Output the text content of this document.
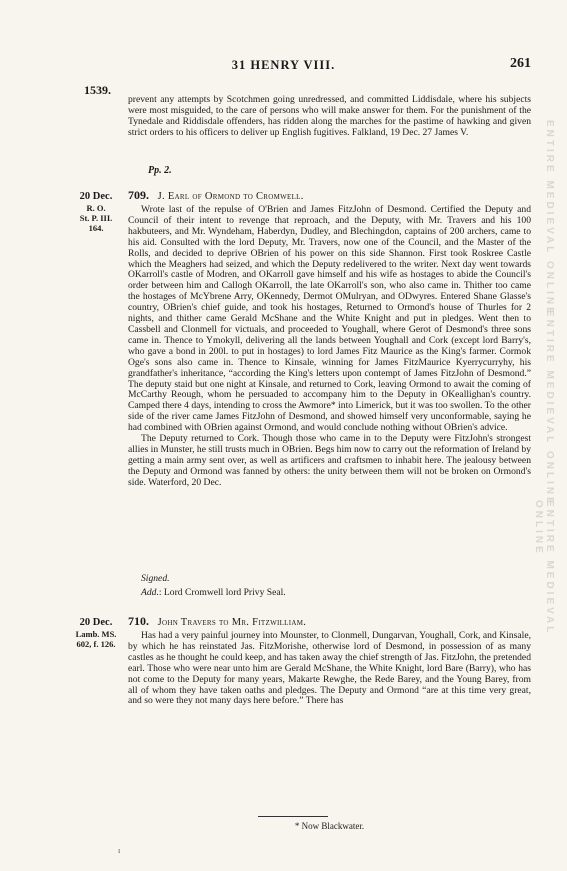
31 HENRY VIII.	261
1539.

prevent any attempts by Scotchmen going unredressed, and committed Liddisdale, where his subjects were most misguided, to the care of persons who will make answer for them. For the punishment of the Tynedale and Riddisdale offenders, has ridden along the marches for the pastime of hawking and given strict orders to his officers to deliver up English fugitives. Falkland, 19 Dec. 27 James V.

Pp. 2.
20 Dec.
R. O.
St. P. III.
164.
709. J. Earl of Ormond to Cromwell.

Wrote last of the repulse of O'Brien and James FitzJohn of Desmond. Certified the Deputy and Council of their intent to revenge that reproach, and the Deputy, with Mr. Travers and his 100 hakbuteers, and Mr. Wyndeham, Haberdyn, Dudley, and Blechingdon, captains of 200 archers, came to his aid. Consulted with the lord Deputy, Mr. Travers, now one of the Council, and the Master of the Rolls, and decided to deprive OBrien of his power on this side Shannon. First took Roskree Castle which the Meaghers had seized, and which the Deputy redelivered to the writer. Next day went towards OKarroll's castle of Modren, and OKarroll gave himself and his wife as hostages to abide the Council's order between him and Callogh OKarroll, the late OKarroll's son, who also came in. Thither too came the hostages of McYbrene Arry, OKennedy, Dermot OMulryan, and ODwyres. Entered Shane Glasse's country, OBrien's chief guide, and took his hostages, Returned to Ormond's house of Thurles for 2 nights, and thither came Gerald McShane and the White Knight and put in pledges. Went then to Cassbell and Clonmell for victuals, and proceeded to Youghall, where Gerot of Desmond's three sons came in. Thence to Ymokyll, delivering all the lands between Youghall and Cork (except lord Barry's, who gave a bond in 200l. to put in hostages) to lord James Fitz Maurice as the King's farmer. Cormok Oge's sons also came in. Thence to Kinsale, winning for James FitzMaurice Kyerrycurryhy, his grandfather's inheritance, “according the King's letters upon contempt of James FitzJohn of Desmond.” The deputy staid but one night at Kinsale, and returned to Cork, leaving Ormond to await the coming of McCarthy Reough, whom he persuaded to accompany him to the Deputy in OKeallighan's country. Camped there 4 days, intending to cross the Awmore* into Limerick, but it was too swollen. To the other side of the river came James FitzJohn of Desmond, and showed himself very unconformable, saying he had combined with OBrien against Ormond, and would conclude nothing without OBrien's advice.

The Deputy returned to Cork. Though those who came in to the Deputy were FitzJohn's strongest allies in Munster, he still trusts much in OBrien. Begs him now to carry out the reformation of Ireland by getting a main army sent over, as well as artificers and craftsmen to inhabit here. The jealousy between the Deputy and Ormond was fanned by others: the unity between them will not be broken on Ormond's side. Waterford, 20 Dec.

Signed.
Add.: Lord Cromwell lord Privy Seal.
20 Dec.
Lamb. MS.
602, f. 126.
710. John Travers to Mr. Fitzwilliam.

Has had a very painful journey into Mounster, to Clonmell, Dungarvan, Youghall, Cork, and Kinsale, by which he has reinstated Jas. FitzMorishe, otherwise lord of Desmond, in possession of as many castles as he thought he could keep, and has taken away the chief strength of Jas. FitzJohn, the pretended earl. Those who were near unto him are Gerald McShane, the White Knight, lord Bare (Barry), who has not come to the Deputy for many years, Makarte Rewghe, the Rede Barey, and the Young Barey, from all of whom they have taken oaths and pledges. The Deputy and Ormond “are at this time very great, and so were they not many days here before.” There has

* Now Blackwater.
ı
ENTIRE MEDIEVAL ONLINE
ENTIRE MEDIEVAL ONLINE
ENTIRE MEDIEVAL ONLINE
